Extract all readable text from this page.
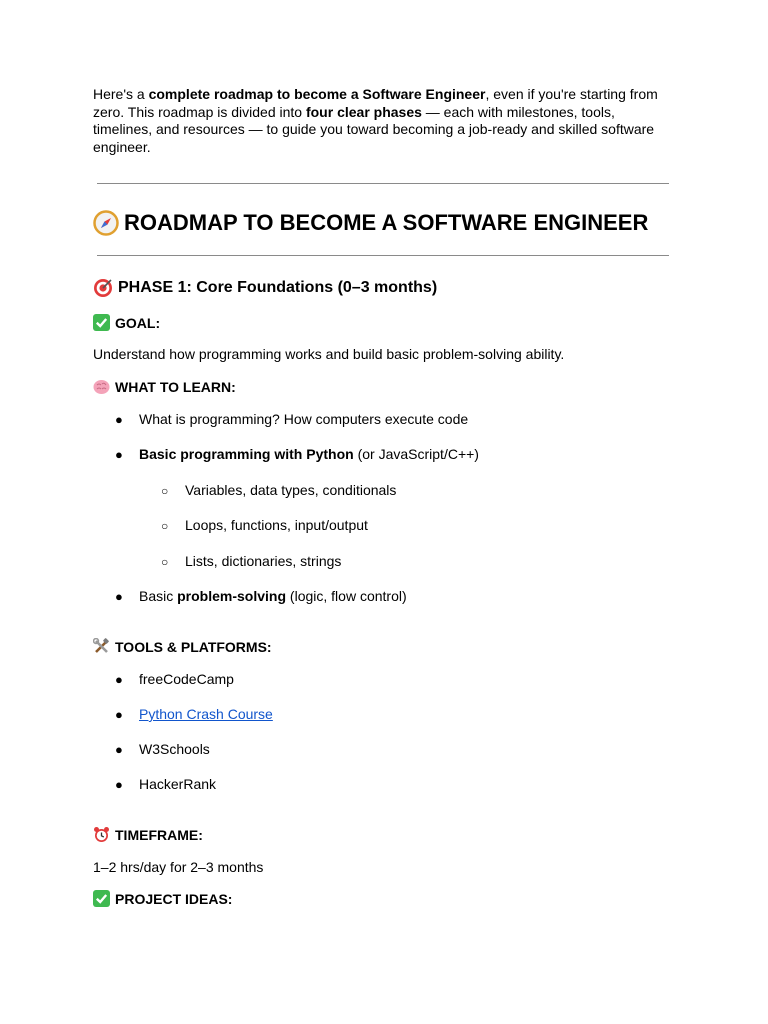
Here's a complete roadmap to become a Software Engineer, even if you're starting from zero. This roadmap is divided into four clear phases — each with milestones, tools, timelines, and resources — to guide you toward becoming a job-ready and skilled software engineer.

ROADMAP TO BECOME A SOFTWARE ENGINEER
PHASE 1: Core Foundations (0–3 months)
GOAL:
Understand how programming works and build basic problem-solving ability.
WHAT TO LEARN:
●	What is programming? How computers execute code
●	Basic programming with Python (or JavaScript/C++)
○	Variables, data types, conditionals
○	Loops, functions, input/output
○	Lists, dictionaries, strings
●	Basic problem-solving (logic, flow control)
TOOLS & PLATFORMS:
●	freeCodeCamp
●	Python Crash Course
●	W3Schools
●	HackerRank
TIMEFRAME:
1–2 hrs/day for 2–3 months
PROJECT IDEAS:
